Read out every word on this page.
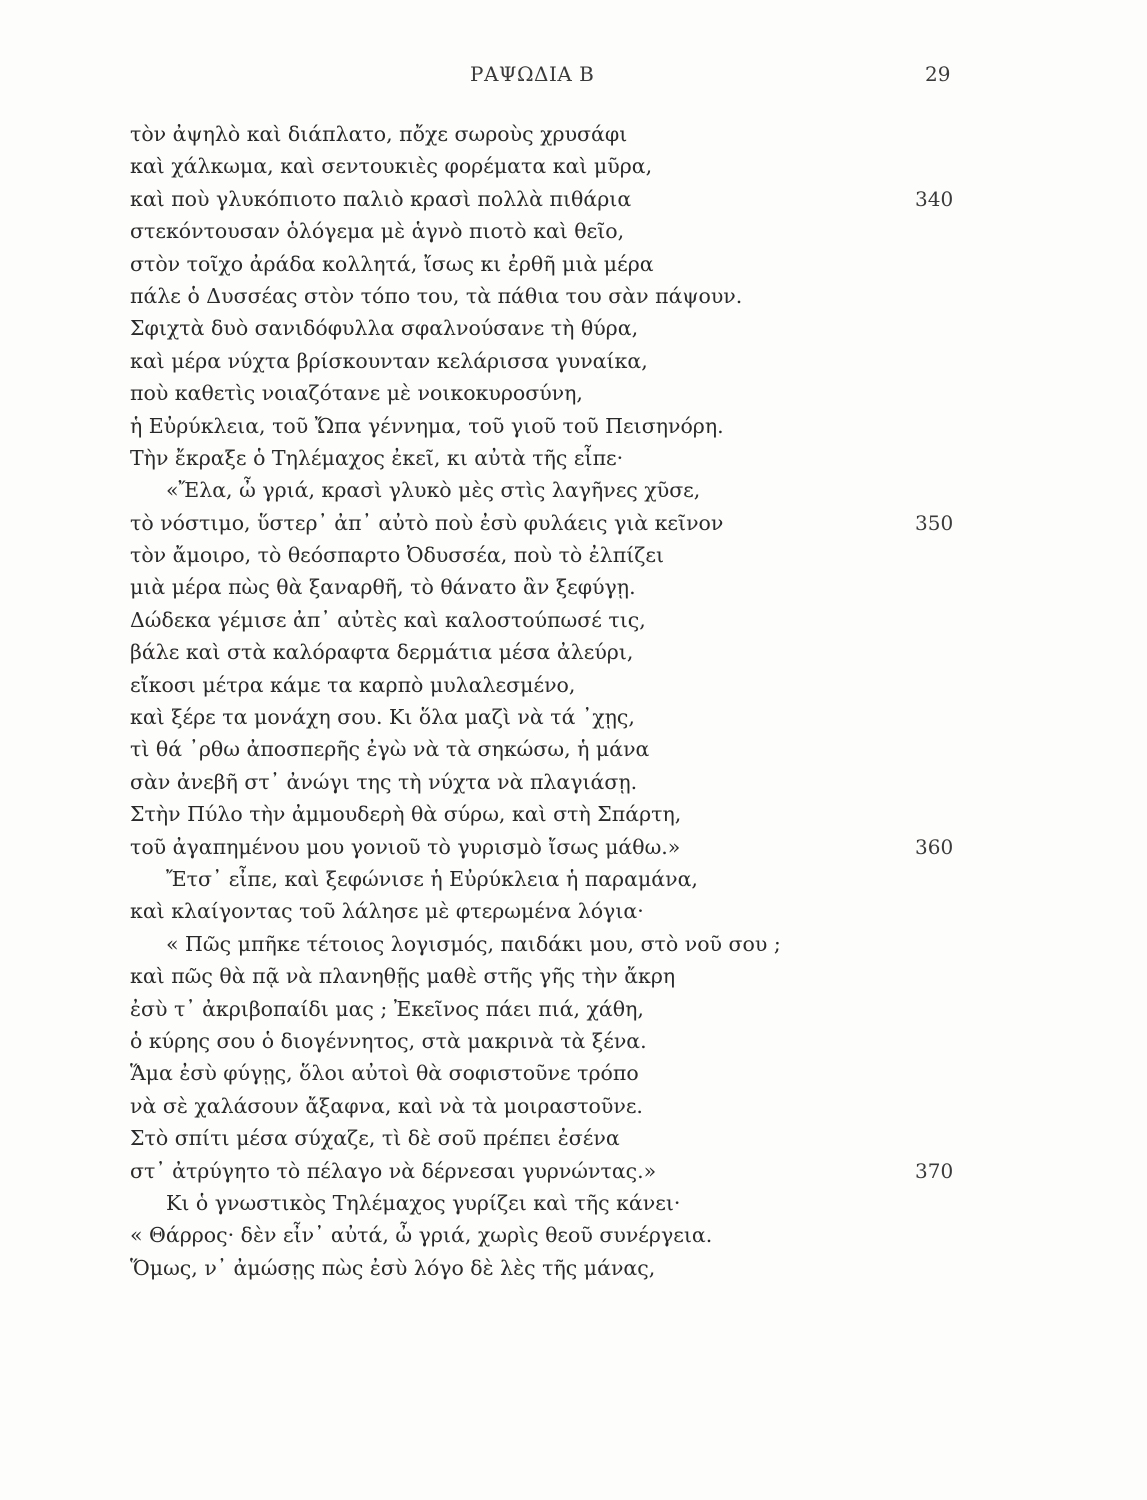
ΡΑΨΩΔΙΑ Β	29
τὸν ἀψηλὸ καὶ διάπλατο, πὄχε σωροὺς χρυσάφι
καὶ χάλκωμα, καὶ σεντουκιὲς φορέματα καὶ μῦρα,
καὶ ποὺ γλυκόπιοτο παλιὸ κρασὶ πολλὰ πιθάρια	340
στεκόντουσαν ὁλόγεμα μὲ ἁγνὸ πιοτὸ καὶ θεῖο,
στὸν τοῖχο ἀράδα κολλητά, ἴσως κι ἐρθῆ μιὰ μέρα
πάλε ὁ Δυσσέας στὸν τόπο του, τὰ πάθια του σὰν πάψουν.
Σφιχτὰ δυὸ σανιδόφυλλα σφαλνούσανε τὴ θύρα,
καὶ μέρα νύχτα βρίσκουνταν κελάρισσα γυναίκα,
ποὺ καθετὶς νοιαζότανε μὲ νοικοκυροσύνη,
ἡ Εὐρύκλεια, τοῦ Ὤπα γέννημα, τοῦ γιοῦ τοῦ Πεισηνόρη.
Τὴν ἔκραξε ὁ Τηλέμαχος ἐκεῖ, κι αὐτὰ τῆς εἶπε·
«Ἔλα, ὦ γριά, κρασὶ γλυκὸ μὲς στὶς λαγῆνες χῦσε,
τὸ νόστιμο, ὕστερ᾽ ἀπ᾽ αὐτὸ ποὺ ἐσὺ φυλάεις γιὰ κεῖνον	350
τὸν ἄμοιρο, τὸ θεόσπαρτο Ὀδυσσέα, ποὺ τὸ ἐλπίζει
μιὰ μέρα πὼς θὰ ξαναρθῆ, τὸ θάνατο ἂν ξεφύγῃ.
Δώδεκα γέμισε ἀπ᾽ αὐτὲς καὶ καλοστούπωσέ τις,
βάλε καὶ στὰ καλόραφτα δερμάτια μέσα ἀλεύρι,
εἴκοσι μέτρα κάμε τα καρπὸ μυλαλεσμένο,
καὶ ξέρε τα μονάχη σου. Κι ὅλα μαζὶ νὰ τά ᾽χῃς,
τὶ θά ᾽ρθω ἀποσπερῆς ἐγὼ νὰ τὰ σηκώσω, ἡ μάνα
σὰν ἀνεβῆ στ᾽ ἀνώγι της τὴ νύχτα νὰ πλαγιάσῃ.
Στὴν Πύλο τὴν ἀμμουδερὴ θὰ σύρω, καὶ στὴ Σπάρτη,
τοῦ ἀγαπημένου μου γονιοῦ τὸ γυρισμὸ ἴσως μάθω.»	360
Ἔτσ᾽ εἶπε, καὶ ξεφώνισε ἡ Εὐρύκλεια ἡ παραμάνα,
καὶ κλαίγοντας τοῦ λάλησε μὲ φτερωμένα λόγια·
« Πῶς μπῆκε τέτοιος λογισμός, παιδάκι μου, στὸ νοῦ σου ;
καὶ πῶς θὰ πᾷ νὰ πλανηθῇς μαθὲ στῆς γῆς τὴν ἄκρη
ἐσὺ τ᾽ ἀκριβοπαίδι μας ; Ἐκεῖνος πάει πιά, χάθη,
ὁ κύρης σου ὁ διογέννητος, στὰ μακρινὰ τὰ ξένα.
Ἅμα ἐσὺ φύγῃς, ὅλοι αὐτοὶ θὰ σοφιστοῦνε τρόπο
νὰ σὲ χαλάσουν ἄξαφνα, καὶ νὰ τὰ μοιραστοῦνε.
Στὸ σπίτι μέσα σύχαζε, τὶ δὲ σοῦ πρέπει ἐσένα
στ᾽ ἀτρύγητο τὸ πέλαγο νὰ δέρνεσαι γυρνώντας.»	370
Κι ὁ γνωστικὸς Τηλέμαχος γυρίζει καὶ τῆς κάνει·
« Θάρρος· δὲν εἶν᾽ αὐτά, ὦ γριά, χωρὶς θεοῦ συνέργεια.
Ὅμως, ν᾽ ἀμώσῃς πὼς ἐσὺ λόγο δὲ λὲς τῆς μάνας,
